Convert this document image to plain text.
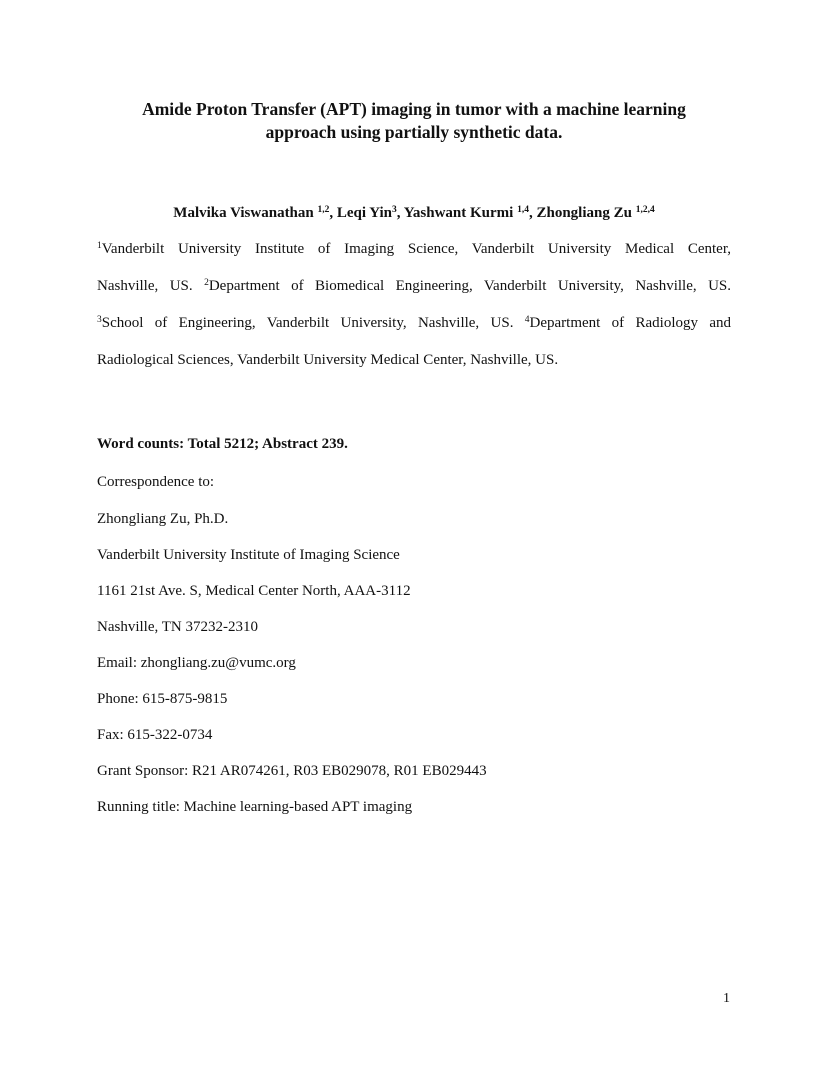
Amide Proton Transfer (APT) imaging in tumor with a machine learning
approach using partially synthetic data.
Malvika Viswanathan $^{1,2}$, Leqi Yin$^3$, Yashwant Kurmi $^{1,4}$, Zhongliang Zu $^{1,2,4}$
$^1$Vanderbilt University Institute of Imaging Science, Vanderbilt University Medical Center,
Nashville, US. $^2$Department of Biomedical Engineering, Vanderbilt University, Nashville, US.
$^3$School of Engineering, Vanderbilt University, Nashville, US. $^4$Department of Radiology and
Radiological Sciences, Vanderbilt University Medical Center, Nashville, US.
Word counts: Total 5212; Abstract 239.
Correspondence to:
Zhongliang Zu, Ph.D.
Vanderbilt University Institute of Imaging Science
1161 21st Ave. S, Medical Center North, AAA-3112
Nashville, TN 37232-2310
Email: zhongliang.zu@vumc.org
Phone: 615-875-9815
Fax: 615-322-0734
Grant Sponsor: R21 AR074261, R03 EB029078, R01 EB029443
Running title: Machine learning-based APT imaging
1
